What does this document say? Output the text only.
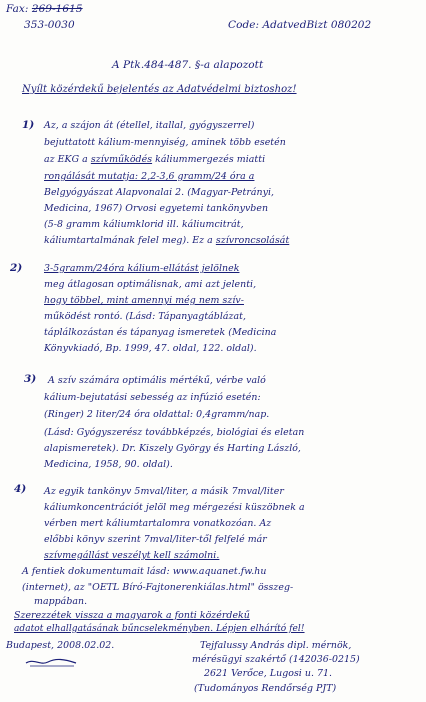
Fax: 269-1615
353-0030	Code: AdatvedBizt 080202
A Ptk.484-487. §-a alapozott
Nyílt közérdekű bejelentés az Adatvédelmi biztoshoz!
1) Az, a szájon át (étellel, itallal, gyógyszerrel)
bejuttatott kálium-mennyiség, aminek több esetén
az EKG a szívműködés káliummergezés miatti
rongálását mutatja: 2,2-3,6 gramm/24 óra a
Belgyógyászat Alapvonalai 2. (Magyar-Petrányi,
Medicina, 1967) Orvosi egyetemi tankönyvben
(5-8 gramm káliumklorid ill. káliumcitrát,
káliumtartalmának felel meg). Ez a szívroncsolását
2) 3-5gramm/24óra kálium-ellátást jelölnek
meg átlagosan optimálisnak, ami azt jelenti,
hogy többel, mint amennyi még nem szív-
működést rontó. (Lásd: Tápanyagtáblázat,
táplálkozástan és tápanyag ismeretek (Medicina
Könyvkiadó, Bp. 1999, 47. oldal, 122. oldal).
3) A szív számára optimális mértékű, vérbe való
kálium-bejutatási sebesség az infúzió esetén:
(Ringer) 2 liter/24 óra oldattal: 0,4gramm/nap.
(Lásd: Gyógyszerész továbbképzés, biológiai és eletan
alapismeretek). Dr. Kiszely György és Harting László,
Medicina, 1958, 90. oldal).
4) Az egyik tankönyv 5mval/liter, a másik 7mval/liter
káliumkoncentrációt jelöl meg mérgezési küszöbnek a
vérben mert káliumtartalomra vonatkozóan. Az
előbbi könyv szerint 7mval/liter-től felfelé már
szívmegállást veszélyt kell számolni.
A fentiek dokumentumait lásd: www.aquanet.fw.hu
(internet), az "OETL Bíró-Fajtonerenkiálas.html" összeg-
mappában.
Szerezzétek vissza a magyarok a fonti közérdekű
adatot elhallgatásának bűncselekményben. Lépjen elhárító fel!
Budapest, 2008.02.02.	Tejfalussy András dipl. mérnök,
mérésügyi szakértő (142036-0215)
2621 Verőce, Lugosi u. 71.
(Tudományos Rendőrség PJT)
